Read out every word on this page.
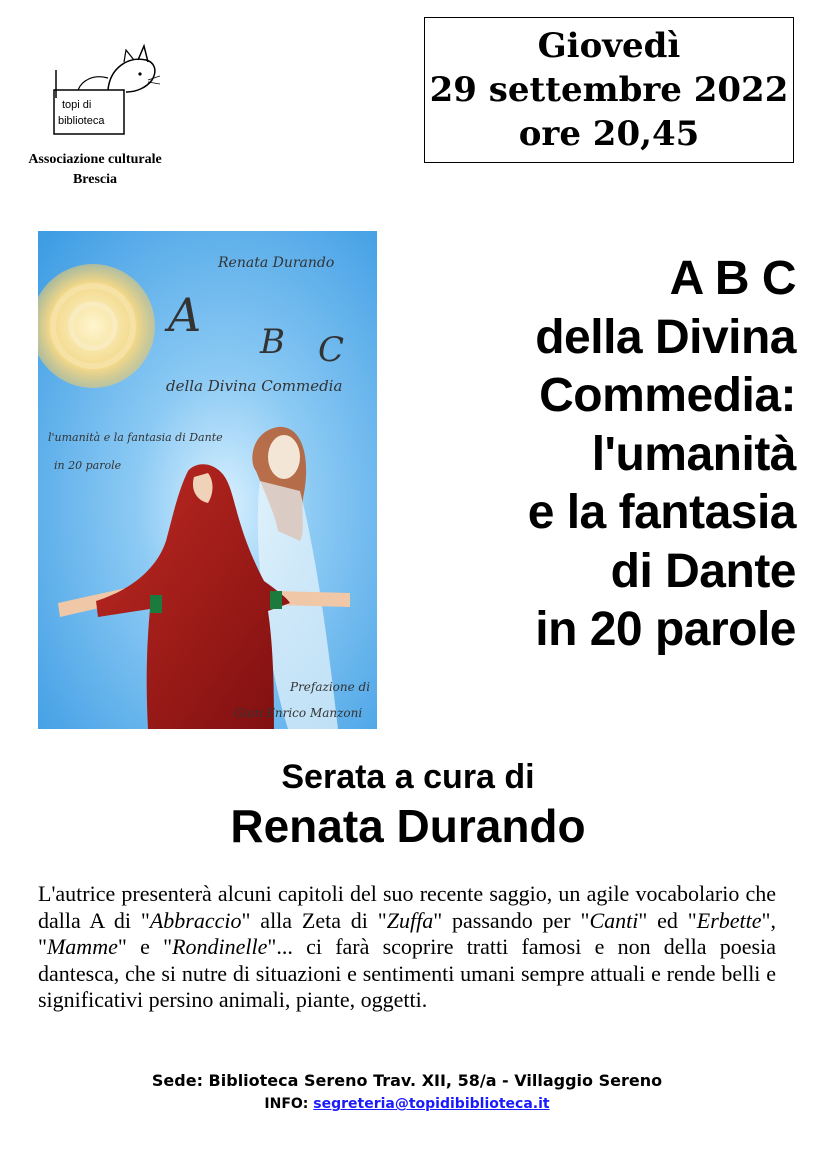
topi di
biblioteca
Associazione culturale
Brescia
Giovedì
29 settembre 2022
ore 20,45
Renata Durando
A B C
della Divina Commedia
l'umanità e la fantasia di Dante
in 20 parole
Prefazione di
Gian Enrico Manzoni
A B C
della Divina
Commedia:
l'umanità
e la fantasia
di Dante
in 20 parole
Serata a cura di
Renata Durando
L'autrice presenterà alcuni capitoli del suo recente saggio, un agile vocabolario che dalla A di "Abbraccio" alla Zeta di "Zuffa" passando per "Canti" ed "Erbette", "Mamme" e "Rondinelle"... ci farà scoprire tratti famosi e non della poesia dantesca, che si nutre di situazioni e sentimenti umani sempre attuali e rende belli e significativi persino animali, piante, oggetti.
Sede: Biblioteca Sereno Trav. XII, 58/a - Villaggio Sereno
INFO: segreteria@topidibiblioteca.it
